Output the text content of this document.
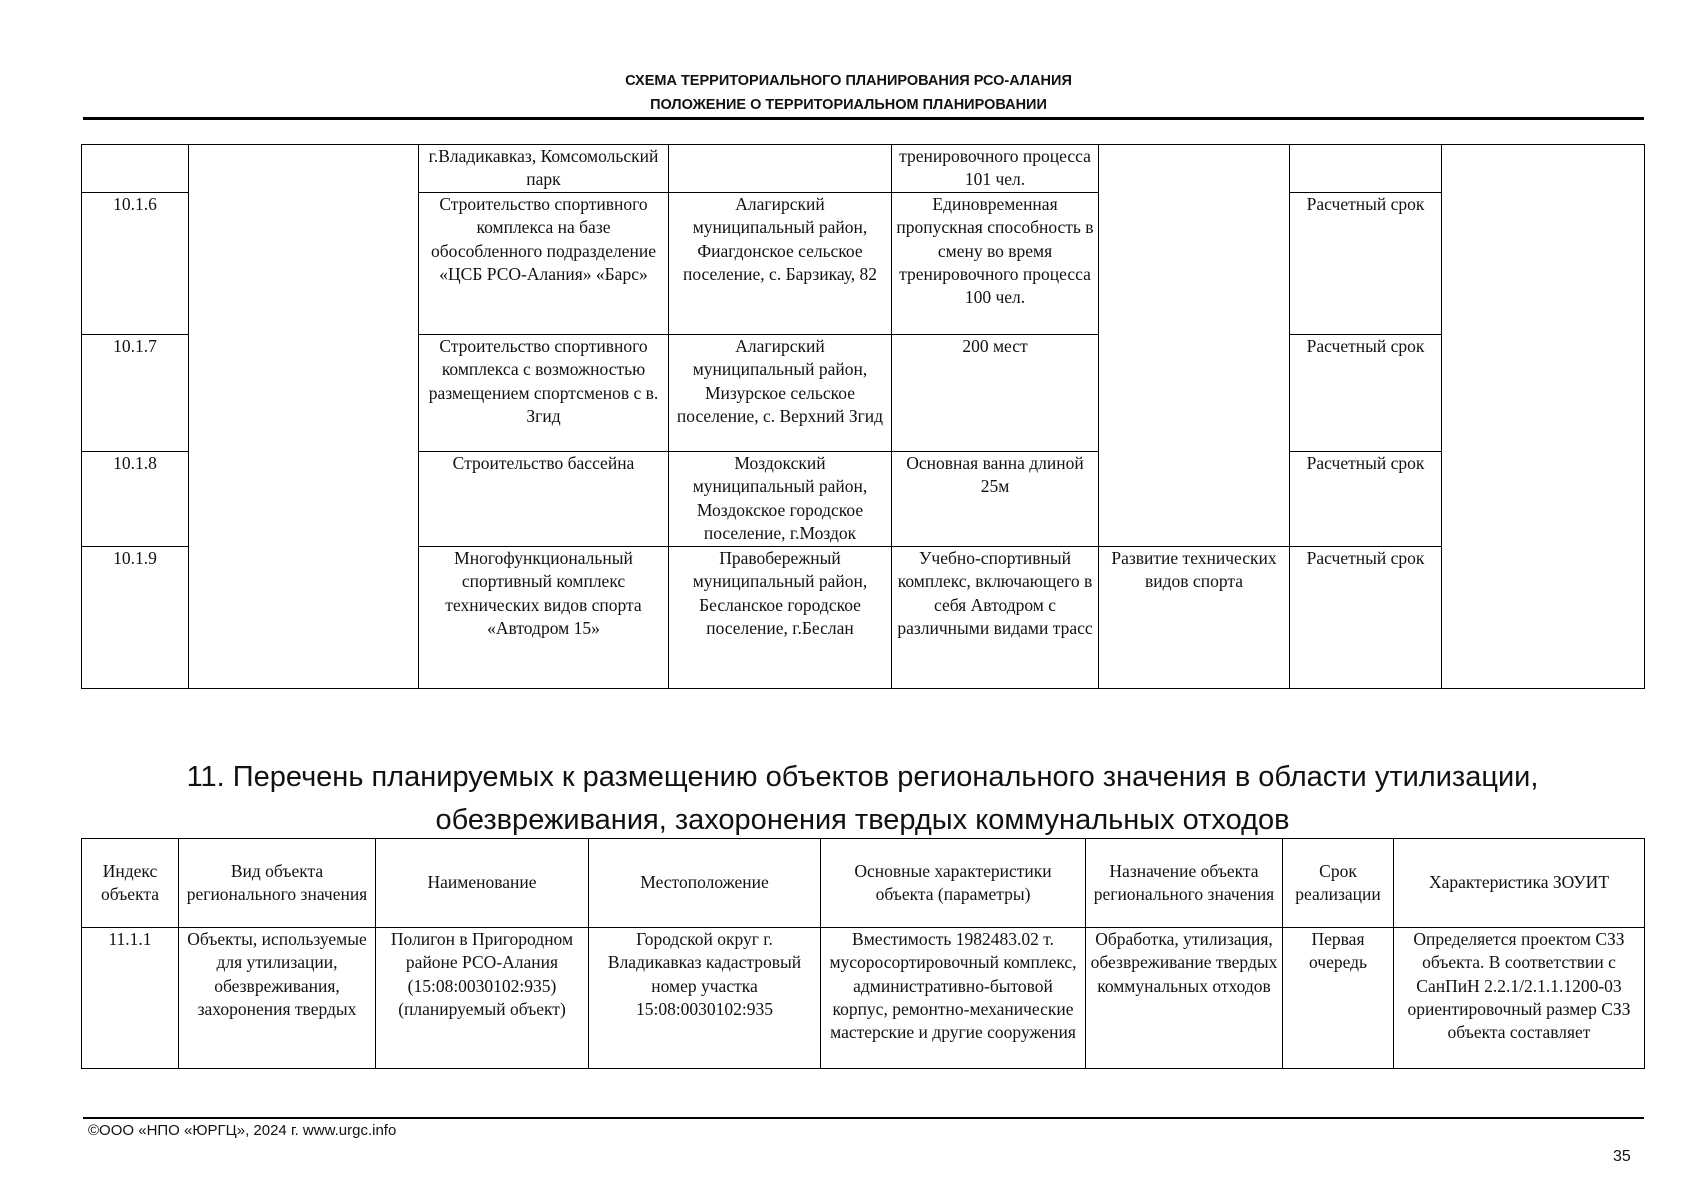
СХЕМА ТЕРРИТОРИАЛЬНОГО ПЛАНИРОВАНИЯ РСО-АЛАНИЯ
ПОЛОЖЕНИЕ О ТЕРРИТОРИАЛЬНОМ ПЛАНИРОВАНИИ
		г.Владикавказ, Комсомольский парк		тренировочного процесса 101 чел.			
10.1.6		Строительство спортивного комплекса на базе обособленного подразделение «ЦСБ РСО-Алания» «Барс»	Алагирский муниципальный район, Фиагдонское сельское поселение, с. Барзикау, 82	Единовременная пропускная способность в смену во время тренировочного процесса 100 чел.		Расчетный срок	
10.1.7		Строительство спортивного комплекса с возможностью размещением спортсменов с в. Згид	Алагирский муниципальный район, Мизурское сельское поселение, с. Верхний Згид	200 мест		Расчетный срок	
10.1.8		Строительство бассейна	Моздокский муниципальный район, Моздокское городское поселение, г.Моздок	Основная ванна длиной 25м		Расчетный срок	
10.1.9		Многофункциональный спортивный комплекс технических видов спорта «Автодром 15»	Правобережный муниципальный район, Бесланское городское поселение, г.Беслан	Учебно-спортивный комплекс, включающего в себя Автодром с различными видами трасс	Развитие технических видов спорта	Расчетный срок	
11. Перечень планируемых к размещению объектов регионального значения в области утилизации, обезвреживания, захоронения твердых коммунальных отходов
Индекс объекта	Вид объекта регионального значения	Наименование	Местоположение	Основные характеристики объекта (параметры)	Назначение объекта регионального значения	Срок реализации	Характеристика ЗОУИТ
11.1.1	Объекты, используемые для утилизации, обезвреживания, захоронения твердых	Полигон в Пригородном районе РСО-Алания (15:08:0030102:935) (планируемый объект)	Городской округ г. Владикавказ кадастровый номер участка 15:08:0030102:935	Вместимость 1982483.02 т. мусоросортировочный комплекс, административно-бытовой корпус, ремонтно-механические мастерские и другие сооружения	Обработка, утилизация, обезвреживание твердых коммунальных отходов	Первая очередь	Определяется проектом СЗЗ объекта. В соответствии с СанПиН 2.2.1/2.1.1.1200-03 ориентировочный размер СЗЗ объекта составляет
©ООО «НПО «ЮРГЦ», 2024 г. www.urgc.info
35
